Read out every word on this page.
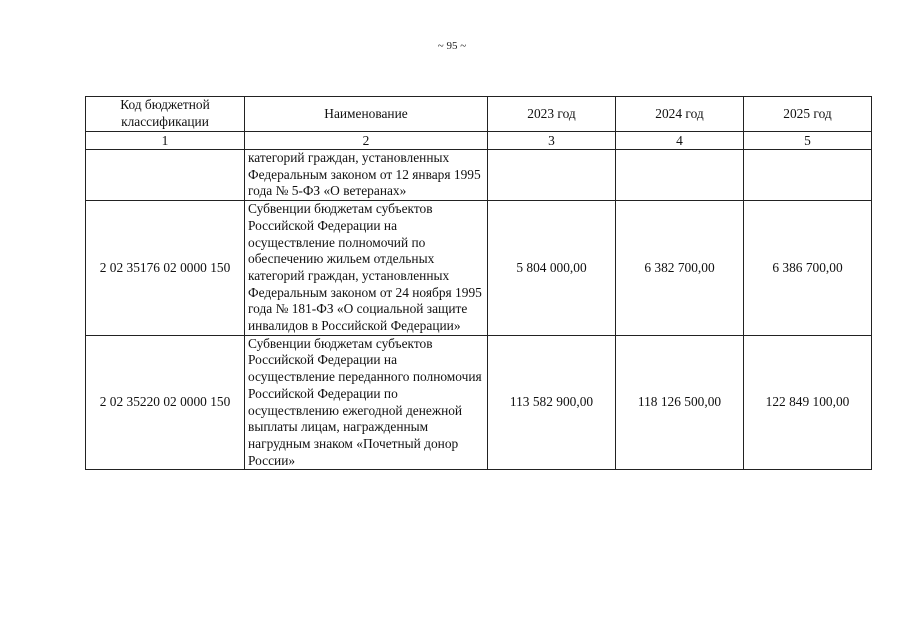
~ 95 ~
Код бюджетной классификации	Наименование	2023 год	2024 год	2025 год
1	2	3	4	5
	категорий граждан, установленных Федеральным законом от 12 января 1995 года № 5-ФЗ «О ветеранах»			
2 02 35176 02 0000 150	Субвенции бюджетам субъектов Российской Федерации на осуществление полномочий по обеспечению жильем отдельных категорий граждан, установленных Федеральным законом от 24 ноября 1995 года № 181-ФЗ «О социальной защите инвалидов в Российской Федерации»	5 804 000,00	6 382 700,00	6 386 700,00
2 02 35220 02 0000 150	Субвенции бюджетам субъектов Российской Федерации на осуществление переданного полномочия Российской Федерации по осуществлению ежегодной денежной выплаты лицам, награжденным нагрудным знаком «Почетный донор России»	113 582 900,00	118 126 500,00	122 849 100,00
